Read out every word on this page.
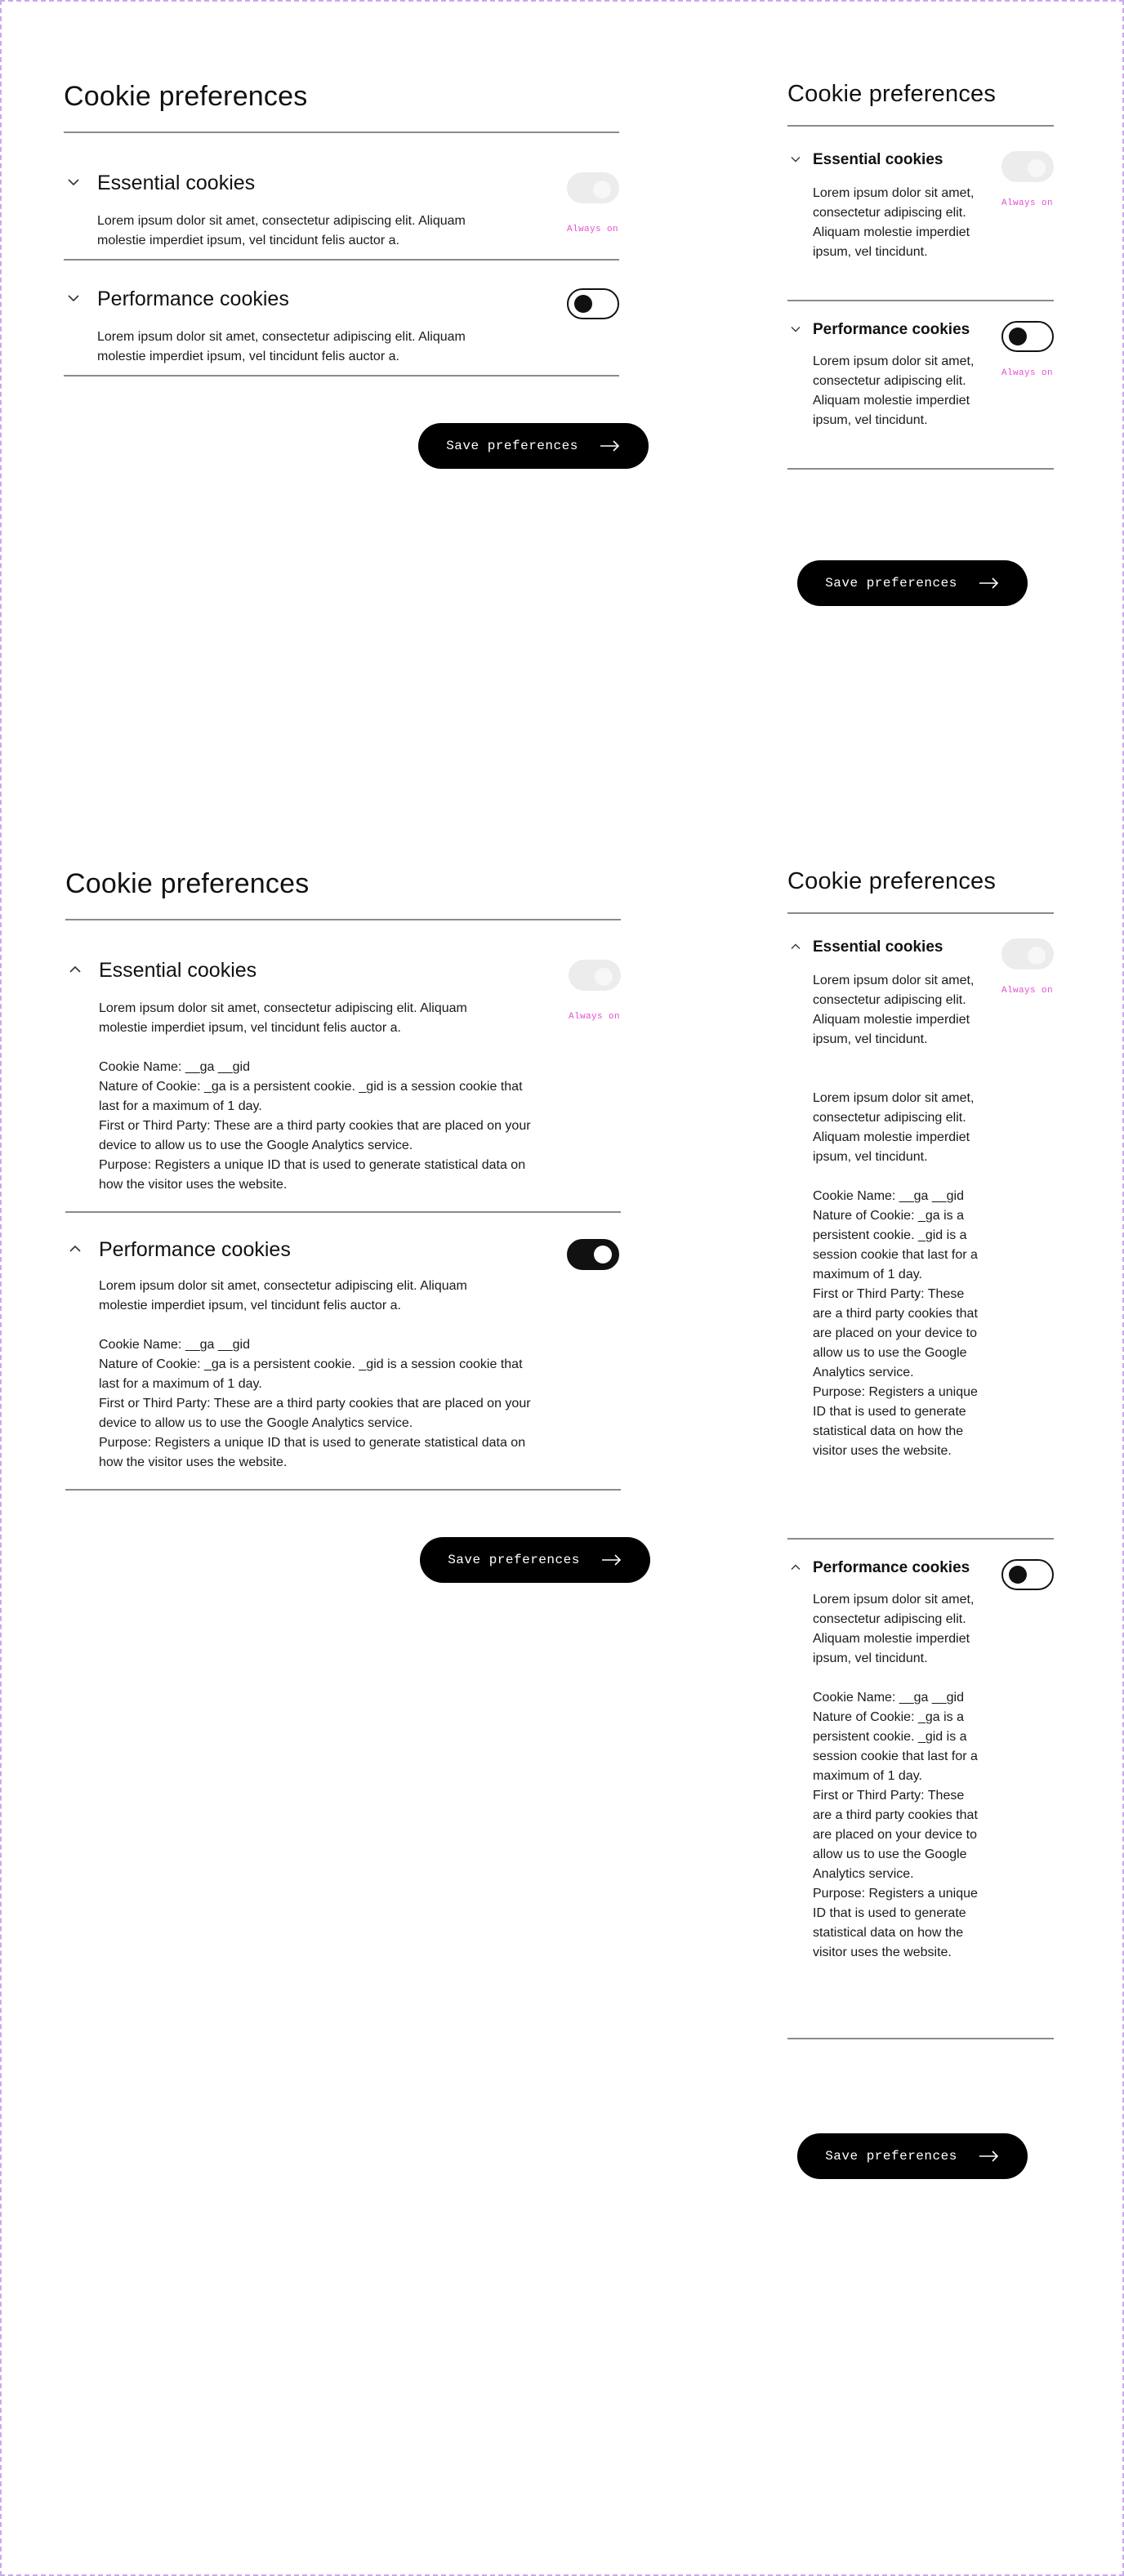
Cookie preferences
Essential cookies

Lorem ipsum dolor sit amet, consectetur adipiscing elit. Aliquam molestie imperdiet ipsum, vel tincidunt felis auctor a.

Always on
Performance cookies

Lorem ipsum dolor sit amet, consectetur adipiscing elit. Aliquam molestie imperdiet ipsum, vel tincidunt felis auctor a.

Save preferences
Cookie preferences
Essential cookies

Lorem ipsum dolor sit amet, consectetur adipiscing elit. Aliquam molestie imperdiet ipsum, vel tincidunt.

Always on
Performance cookies

Lorem ipsum dolor sit amet, consectetur adipiscing elit. Aliquam molestie imperdiet ipsum, vel tincidunt.

Always on
Save preferences
Cookie preferences
Essential cookies

Lorem ipsum dolor sit amet, consectetur adipiscing elit. Aliquam molestie imperdiet ipsum, vel tincidunt felis auctor a.

Cookie Name: __ga __gid
Nature of Cookie: _ga is a persistent cookie. _gid is a session cookie that last for a maximum of 1 day.
First or Third Party: These are a third party cookies that are placed on your device to allow us to use the Google Analytics service.
Purpose: Registers a unique ID that is used to generate statistical data on how the visitor uses the website.
Always on
Performance cookies

Lorem ipsum dolor sit amet, consectetur adipiscing elit. Aliquam molestie imperdiet ipsum, vel tincidunt felis auctor a.

Cookie Name: __ga __gid
Nature of Cookie: _ga is a persistent cookie. _gid is a session cookie that last for a maximum of 1 day.
First or Third Party: These are a third party cookies that are placed on your device to allow us to use the Google Analytics service.
Purpose: Registers a unique ID that is used to generate statistical data on how the visitor uses the website.
Save preferences
Cookie preferences
Essential cookies

Lorem ipsum dolor sit amet, consectetur adipiscing elit. Aliquam molestie imperdiet ipsum, vel tincidunt.

Lorem ipsum dolor sit amet, consectetur adipiscing elit. Aliquam molestie imperdiet ipsum, vel tincidunt.

Cookie Name: __ga __gid
Nature of Cookie: _ga is a persistent cookie. _gid is a session cookie that last for a maximum of 1 day.
First or Third Party: These are a third party cookies that are placed on your device to allow us to use the Google Analytics service.
Purpose: Registers a unique ID that is used to generate statistical data on how the visitor uses the website.
Always on
Performance cookies

Lorem ipsum dolor sit amet, consectetur adipiscing elit. Aliquam molestie imperdiet ipsum, vel tincidunt.

Cookie Name: __ga __gid
Nature of Cookie: _ga is a persistent cookie. _gid is a session cookie that last for a maximum of 1 day.
First or Third Party: These are a third party cookies that are placed on your device to allow us to use the Google Analytics service.
Purpose: Registers a unique ID that is used to generate statistical data on how the visitor uses the website.
Save preferences
